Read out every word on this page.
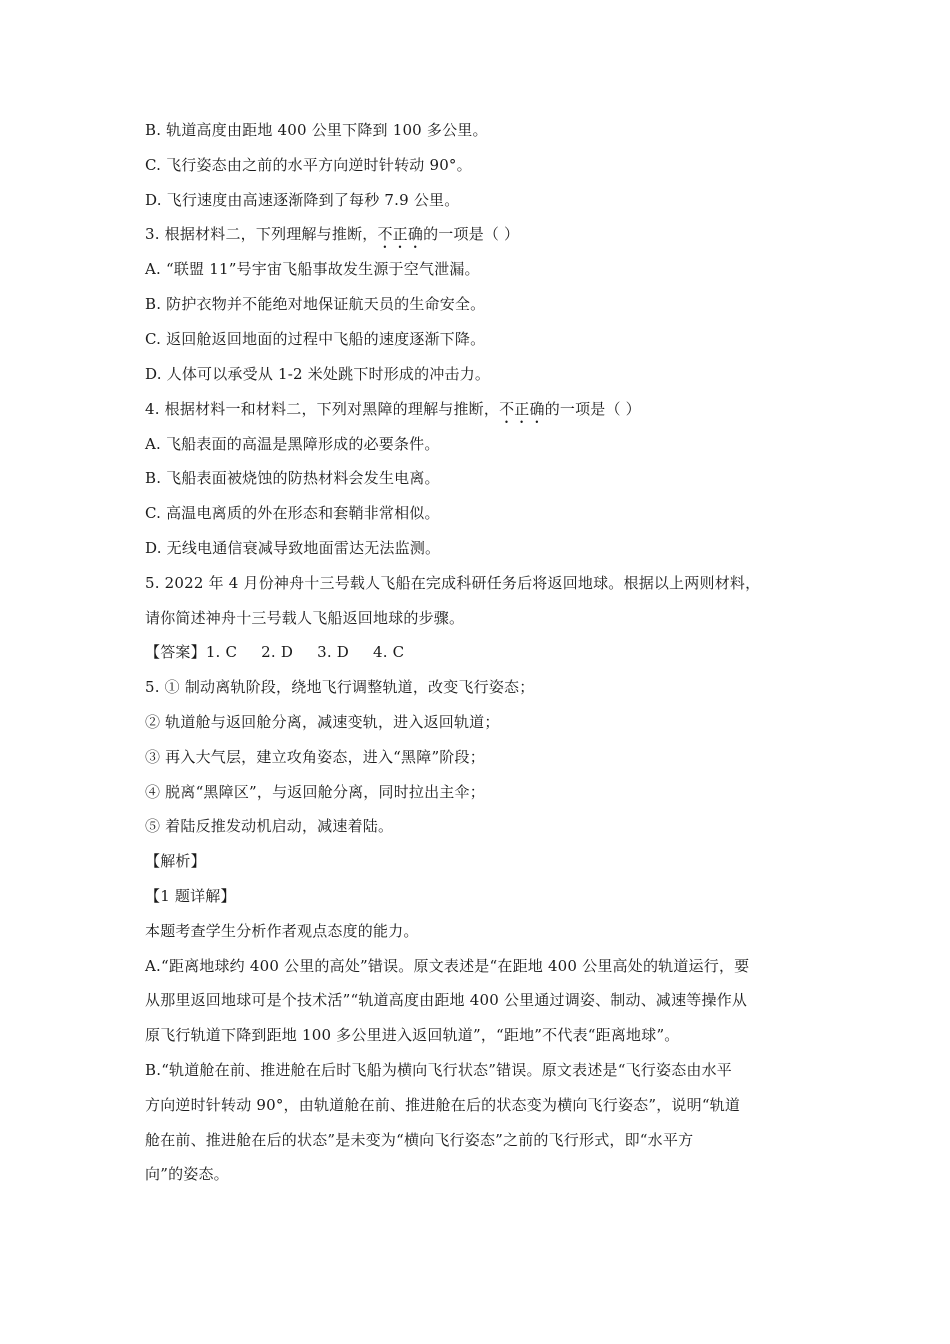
B. 轨道高度由距地 400 公里下降到 100 多公里。
C. 飞行姿态由之前的水平方向逆时针转动 90°。
D. 飞行速度由高速逐渐降到了每秒 7.9 公里。
3. 根据材料二，下列理解与推断，不正确的一项是（ ）
A. “联盟 11”号宇宙飞船事故发生源于空气泄漏。
B. 防护衣物并不能绝对地保证航天员的生命安全。
C. 返回舱返回地面的过程中飞船的速度逐渐下降。
D. 人体可以承受从 1-2 米处跳下时形成的冲击力。
4. 根据材料一和材料二，下列对黑障的理解与推断，不正确的一项是（ ）
A. 飞船表面的高温是黑障形成的必要条件。
B. 飞船表面被烧蚀的防热材料会发生电离。
C. 高温电离质的外在形态和套鞘非常相似。
D. 无线电通信衰减导致地面雷达无法监测。
5. 2022 年 4 月份神舟十三号载人飞船在完成科研任务后将返回地球。根据以上两则材料，
请你简述神舟十三号载人飞船返回地球的步骤。
【答案】1. C 2. D 3. D 4. C
5. ① 制动离轨阶段，绕地飞行调整轨道，改变飞行姿态；
② 轨道舱与返回舱分离，减速变轨，进入返回轨道；
③ 再入大气层，建立攻角姿态，进入“黑障”阶段；
④ 脱离“黑障区”，与返回舱分离，同时拉出主伞；
⑤ 着陆反推发动机启动，减速着陆。
【解析】
【1 题详解】
本题考查学生分析作者观点态度的能力。
A.“距离地球约 400 公里的高处”错误。原文表述是“在距地 400 公里高处的轨道运行，要
从那里返回地球可是个技术活”“轨道高度由距地 400 公里通过调姿、制动、减速等操作从
原飞行轨道下降到距地 100 多公里进入返回轨道”，“距地”不代表“距离地球”。
B.“轨道舱在前、推进舱在后时飞船为横向飞行状态”错误。原文表述是“飞行姿态由水平
方向逆时针转动 90°，由轨道舱在前、推进舱在后的状态变为横向飞行姿态”，说明“轨道
舱在前、推进舱在后的状态”是未变为“横向飞行姿态”之前的飞行形式，即“水平方
向”的姿态。
